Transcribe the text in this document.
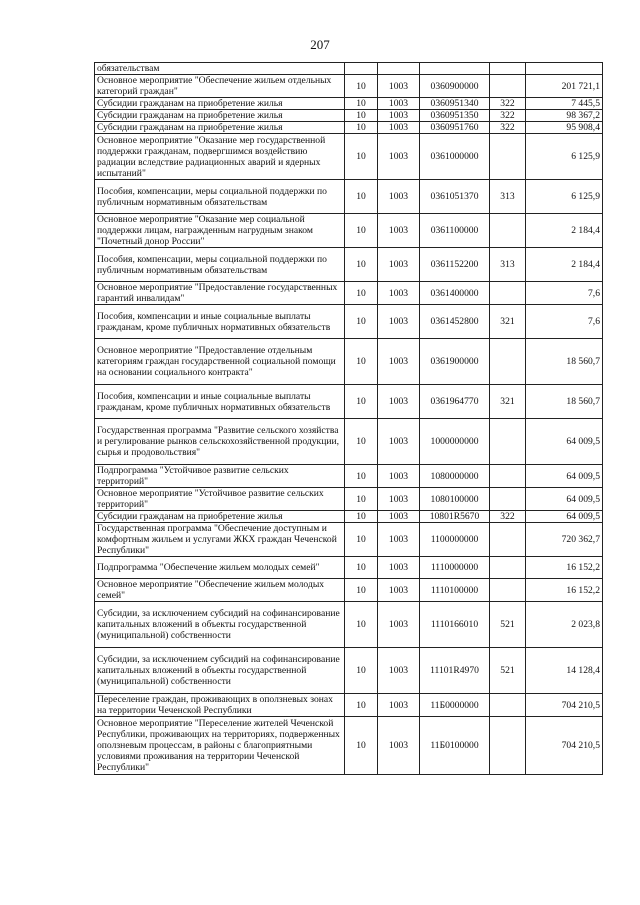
207
обязательствам					
Основное мероприятие "Обеспечение жильем отдельных категорий граждан"	10	1003	0360900000		201 721,1
Субсидии гражданам на приобретение жилья	10	1003	0360951340	322	7 445,5
Субсидии гражданам на приобретение жилья	10	1003	0360951350	322	98 367,2
Субсидии гражданам на приобретение жилья	10	1003	0360951760	322	95 908,4
Основное мероприятие "Оказание мер государственной поддержки гражданам, подвергшимся воздействию радиации вследствие радиационных аварий и ядерных испытаний"	10	1003	0361000000		6 125,9
Пособия, компенсации, меры социальной поддержки по публичным нормативным обязательствам	10	1003	0361051370	313	6 125,9
Основное мероприятие "Оказание мер социальной поддержки лицам, награжденным нагрудным знаком "Почетный донор России"	10	1003	0361100000		2 184,4
Пособия, компенсации, меры социальной поддержки по публичным нормативным обязательствам	10	1003	0361152200	313	2 184,4
Основное мероприятие "Предоставление государственных гарантий инвалидам"	10	1003	0361400000		7,6
Пособия, компенсации и иные социальные выплаты гражданам, кроме публичных нормативных обязательств	10	1003	0361452800	321	7,6
Основное мероприятие "Предоставление отдельным категориям граждан государственной социальной помощи на основании социального контракта"	10	1003	0361900000		18 560,7
Пособия, компенсации и иные социальные выплаты гражданам, кроме публичных нормативных обязательств	10	1003	0361964770	321	18 560,7
Государственная программа "Развитие сельского хозяйства и регулирование рынков сельскохозяйственной продукции, сырья и продовольствия"	10	1003	1000000000		64 009,5
Подпрограмма "Устойчивое развитие сельских территорий"	10	1003	1080000000		64 009,5
Основное мероприятие "Устойчивое развитие сельских территорий"	10	1003	1080100000		64 009,5
Субсидии гражданам на приобретение жилья	10	1003	10801R5670	322	64 009,5
Государственная программа "Обеспечение доступным и комфортным жильем и услугами ЖКХ граждан Чеченской Республики"	10	1003	1100000000		720 362,7
Подпрограмма "Обеспечение жильем молодых семей"	10	1003	1110000000		16 152,2
Основное мероприятие "Обеспечение жильем молодых семей"	10	1003	1110100000		16 152,2
Субсидии, за исключением субсидий на софинансирование капитальных вложений в объекты государственной (муниципальной) собственности	10	1003	1110166010	521	2 023,8
Субсидии, за исключением субсидий на софинансирование капитальных вложений в объекты государственной (муниципальной) собственности	10	1003	11101R4970	521	14 128,4
Переселение граждан, проживающих в оползневых зонах на территории Чеченской Республики	10	1003	11Б0000000		704 210,5
Основное мероприятие "Переселение жителей Чеченской Республики, проживающих на территориях, подверженных оползневым процессам, в районы с благоприятными условиями проживания на территории Чеченской Республики"	10	1003	11Б0100000		704 210,5
